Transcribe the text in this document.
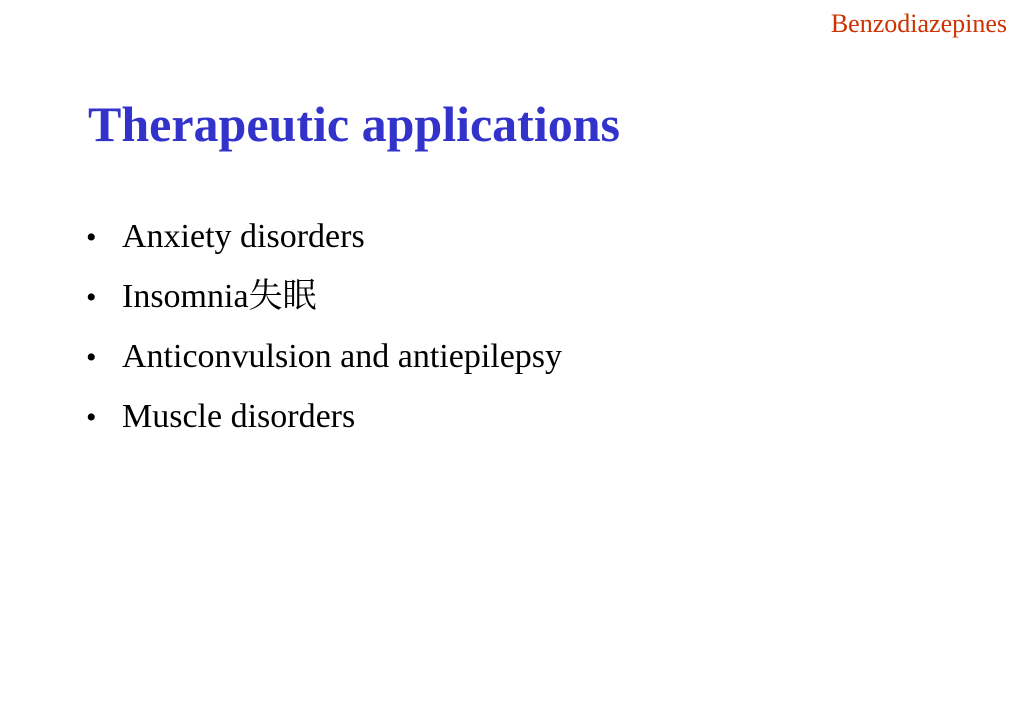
Benzodiazepines
Therapeutic applications
• Anxiety disorders
• Insomnia失眠
• Anticonvulsion and antiepilepsy
• Muscle disorders
